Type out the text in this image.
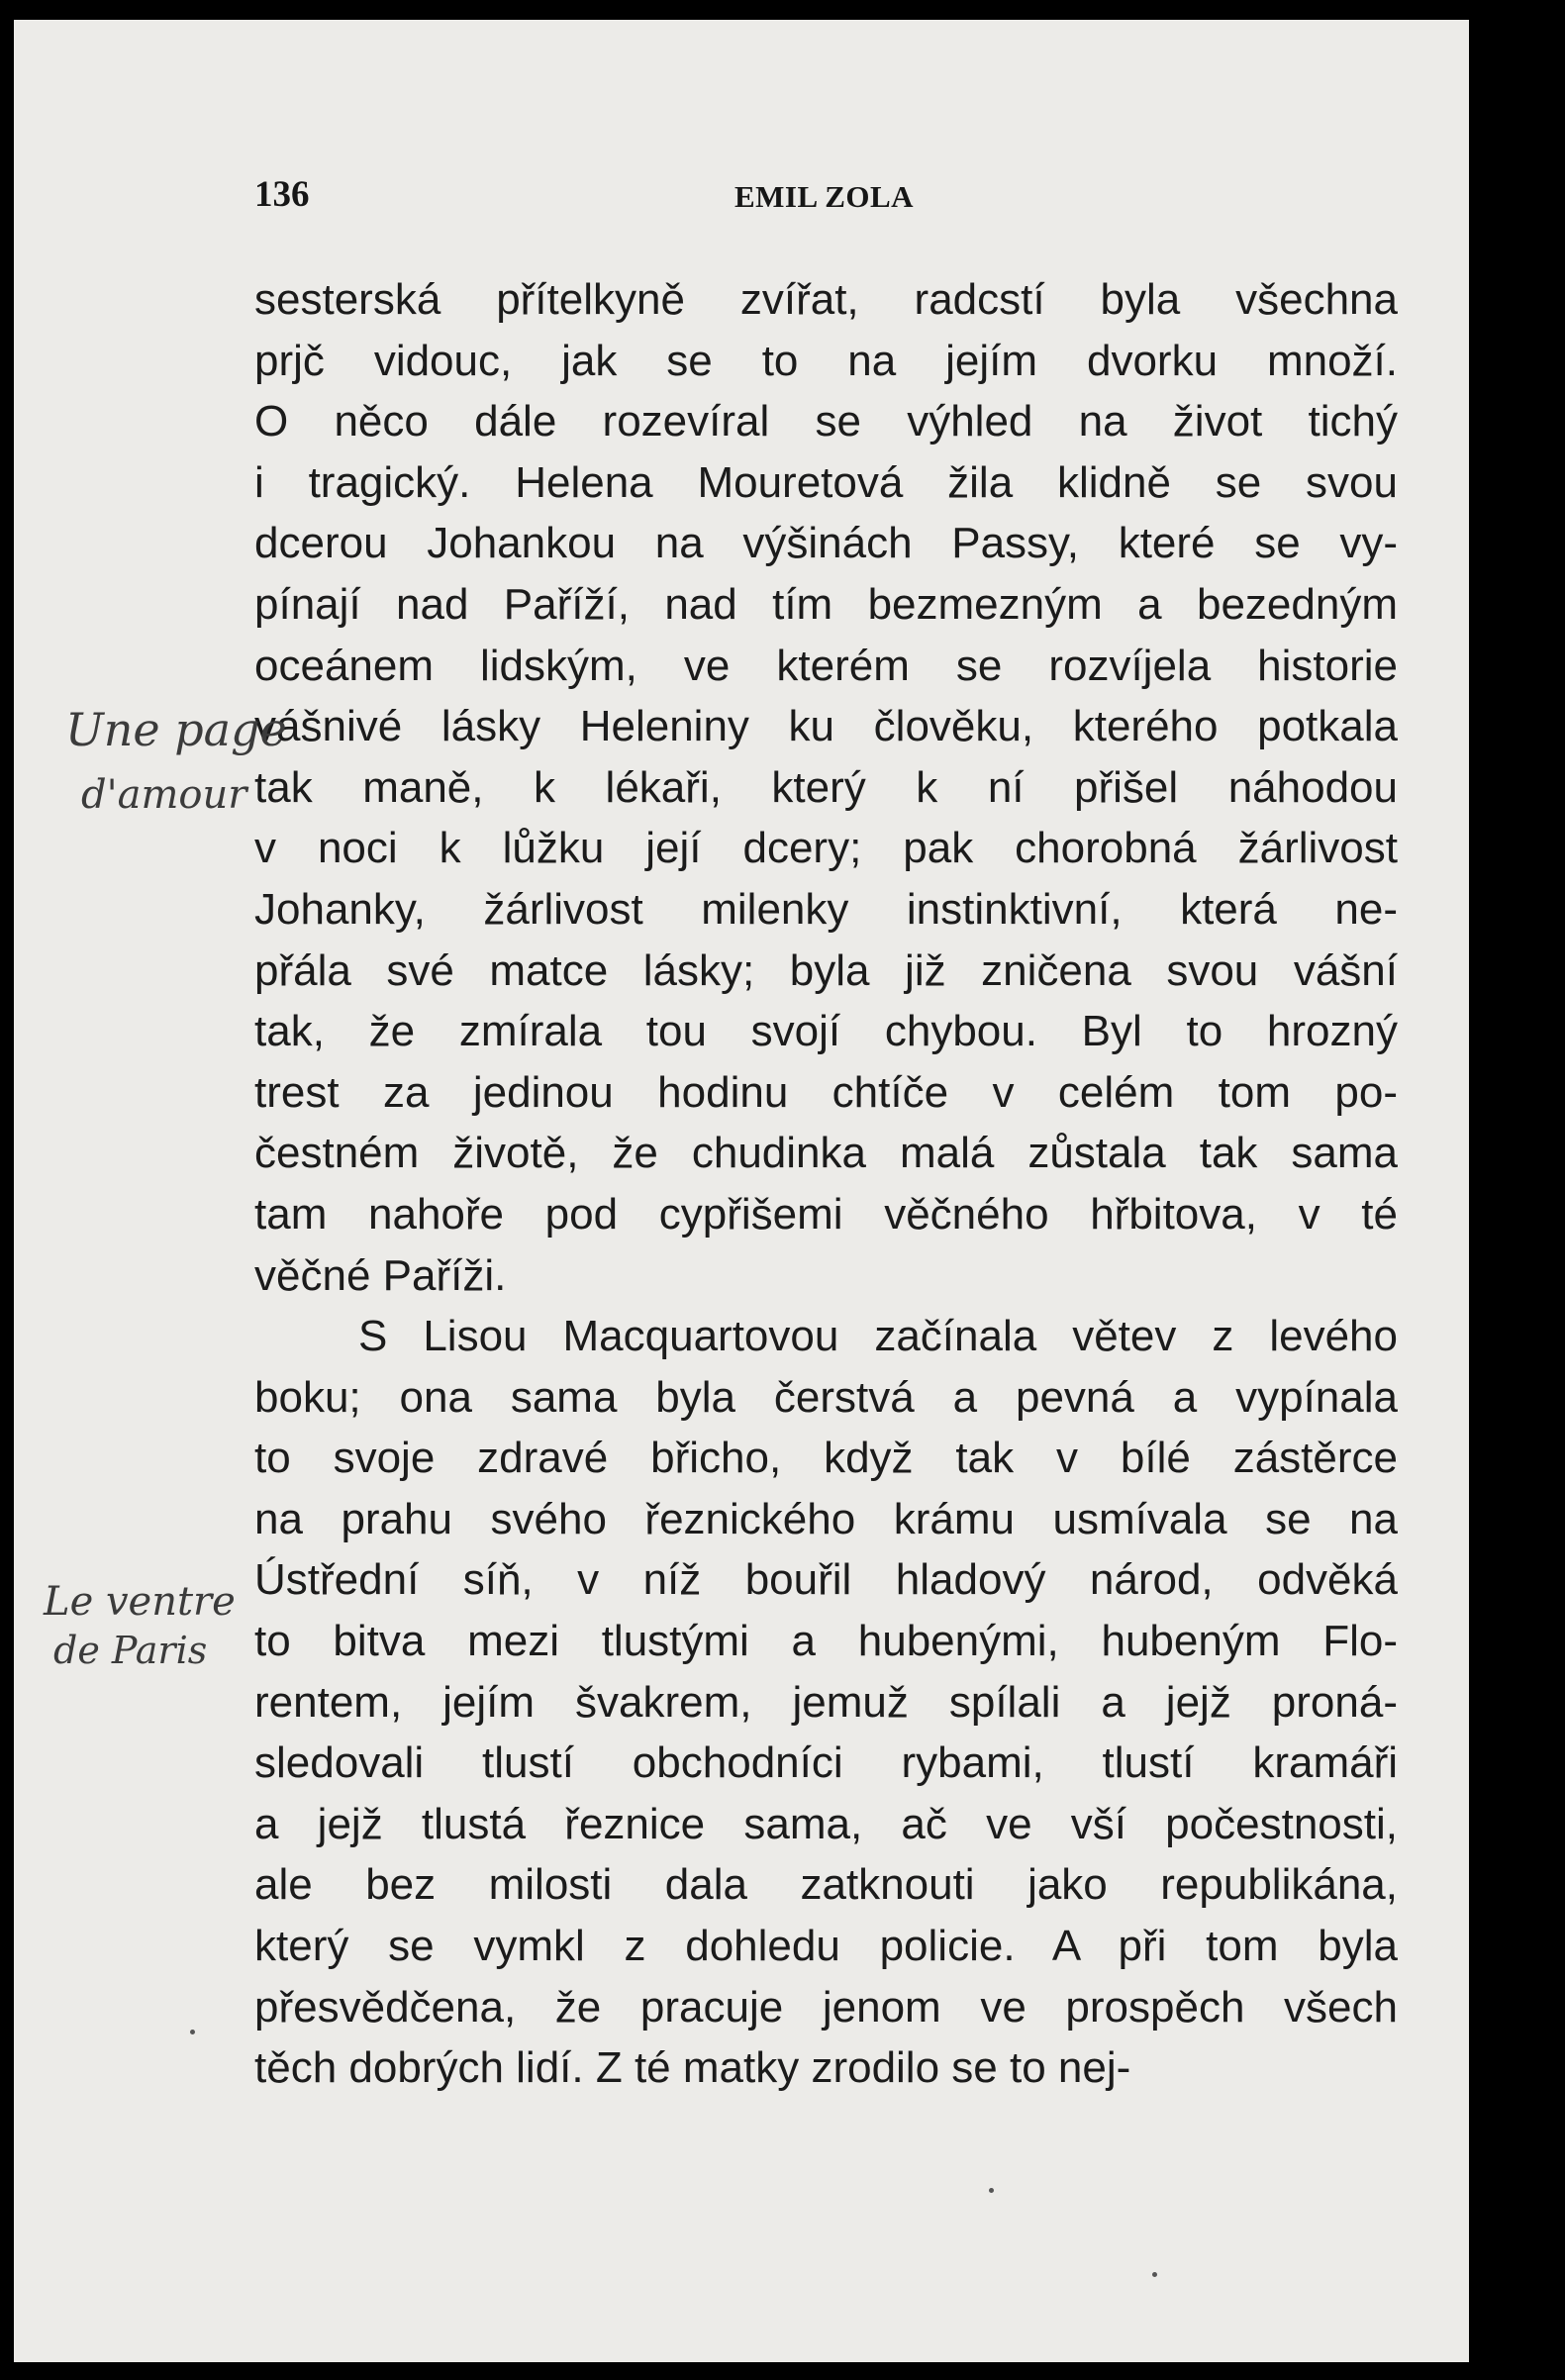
136	EMIL ZOLA
sesterská přítelkyně zvířat, radcstí byla všechna
prjč vidouc, jak se to na jejím dvorku množí.
O něco dále rozevíral se výhled na život tichý
i tragický. Helena Mouretová žila klidně se svou
dcerou Johankou na výšinách Passy, které se vy-
pínají nad Paříží, nad tím bezmezným a bezedným
oceánem lidským, ve kterém se rozvíjela historie
vášnivé lásky Heleniny ku člověku, kterého potkala
tak maně, k lékaři, který k ní přišel náhodou
v noci k lůžku její dcery; pak chorobná žárlivost
Johanky, žárlivost milenky instinktivní, která ne-
přála své matce lásky; byla již zničena svou vášní
tak, že zmírala tou svojí chybou. Byl to hrozný
trest za jedinou hodinu chtíče v celém tom po-
čestném životě, že chudinka malá zůstala tak sama
tam nahoře pod cypřišemi věčného hřbitova, v té
věčné Paříži.
S Lisou Macquartovou začínala větev z levého
boku; ona sama byla čerstvá a pevná a vypínala
to svoje zdravé břicho, když tak v bílé zástěrce
na prahu svého řeznického krámu usmívala se na
Ústřední síň, v níž bouřil hladový národ, odvěká
to bitva mezi tlustými a hubenými, hubeným Flo-
rentem, jejím švakrem, jemuž spílali a jejž proná-
sledovali tlustí obchodníci rybami, tlustí kramáři
a jejž tlustá řeznice sama, ač ve vší počestnosti,
ale bez milosti dala zatknouti jako republikána,
který se vymkl z dohledu policie. A při tom byla
přesvědčena, že pracuje jenom ve prospěch všech
těch dobrých lidí. Z té matky zrodilo se to nej-
Une page
d'amour
Le ventre
de Paris
